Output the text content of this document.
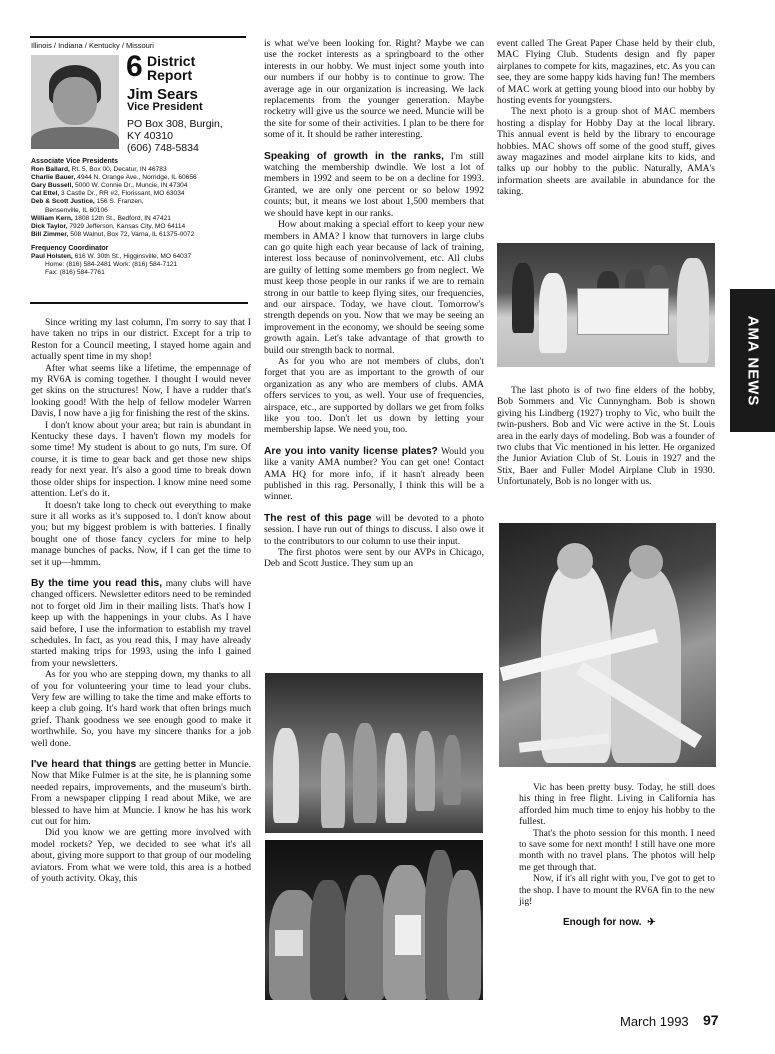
Illinois / Indiana / Kentucky / Missouri
6 District
Report
Jim Sears
Vice President
PO Box 308, Burgin,
KY 40310
(606) 748-5834
Associate Vice Presidents
Ron Ballard, Rt. 5, Box 00, Decatur, IN 46783
Charlie Bauer, 4944 N. Orange Ave., Norridge, IL 60656
Gary Bussell, 5000 W. Connie Dr., Muncie, IN 47304
Cal Ettel, 3 Castle Dr., RR #2, Florissant, MO 63034
Deb & Scott Justice, 156 S. Franzen,
Bensenville, IL 60106
William Kern, 1808 12th St., Bedford, IN 47421
Dick Taylor, 7929 Jefferson, Kansas City, MO 64114
Bill Zimmer, 508 Walnut, Box 72, Varna, IL 61375-0072
Frequency Coordinator
Paul Holsten, 616 W. 30th St., Higginsville, MO 64037
Home: (816) 584-2481 Work: (816) 584-7121
Fax: (816) 584-7761

Since writing my last column, I'm sorry to say that I have taken no trips in our district. Except for a trip to Reston for a Council meeting, I stayed home again and actually spent time in my shop!

After what seems like a lifetime, the empennage of my RV6A is coming together. I thought I would never get skins on the structures! Now, I have a rudder that's looking good! With the help of fellow modeler Warren Davis, I now have a jig for finishing the rest of the skins.

I don't know about your area; but rain is abundant in Kentucky these days. I haven't flown my models for some time! My student is about to go nuts, I'm sure. Of course, it is time to gear back and get those new ships ready for next year. It's also a good time to break down those older ships for inspection. I know mine need some attention. Let's do it.

It doesn't take long to check out everything to make sure it all works as it's supposed to. I don't know about you; but my biggest problem is with batteries. I finally bought one of those fancy cyclers for mine to help manage bunches of packs. Now, if I can get the time to set it up—hmmm.

By the time you read this, many clubs will have changed officers. Newsletter editors need to be reminded not to forget old Jim in their mailing lists. That's how I keep up with the happenings in your clubs. As I have said before, I use the information to establish my travel schedules. In fact, as you read this, I may have already started making trips for 1993, using the info I gained from your newsletters.

As for you who are stepping down, my thanks to all of you for volunteering your time to lead your clubs. Very few are willing to take the time and make efforts to keep a club going. It's hard work that often brings much grief. Thank goodness we see enough good to make it worthwhile. So, you have my sincere thanks for a job well done.

I've heard that things are getting better in Muncie. Now that Mike Fulmer is at the site, he is planning some needed repairs, improvements, and the museum's birth. From a newspaper clipping I read about Mike, we are blessed to have him at Muncie. I know he has his work cut out for him.

Did you know we are getting more involved with model rockets? Yep, we decided to see what it's all about, giving more support to that group of our modeling aviators. From what we were told, this area is a hotbed of youth activity. Okay, this

is what we've been looking for. Right? Maybe we can use the rocket interests as a springboard to the other interests in our hobby. We must inject some youth into our numbers if our hobby is to continue to grow. The average age in our organization is increasing. We lack replacements from the younger generation. Maybe rocketry will give us the source we need. Muncie will be the site for some of their activities. I plan to be there for some of it. It should be rather interesting.

Speaking of growth in the ranks, I'm still watching the membership dwindle. We lost a lot of members in 1992 and seem to be on a decline for 1993. Granted, we are only one percent or so below 1992 counts; but, it means we lost about 1,500 members that we should have kept in our ranks.

How about making a special effort to keep your new members in AMA? I know that turnovers in large clubs can go quite high each year because of lack of training, interest loss because of noninvolvement, etc. All clubs are guilty of letting some members go from neglect. We must keep those people in our ranks if we are to remain strong in our battle to keep flying sites, our frequencies, and our airspace. Today, we have clout. Tomorrow's strength depends on you. Now that we may be seeing an improvement in the economy, we should be seeing some growth again. Let's take advantage of that growth to build our strength back to normal.

As for you who are not members of clubs, don't forget that you are as important to the growth of our organization as any who are members of clubs. AMA offers services to you, as well. Your use of frequencies, airspace, etc., are supported by dollars we get from folks like you too. Don't let us down by letting your membership lapse. We need you, too.

Are you into vanity license plates? Would you like a vanity AMA number? You can get one! Contact AMA HQ for more info, if it hasn't already been published in this rag. Personally, I think this will be a winner.

The rest of this page will be devoted to a photo session. I have run out of things to discuss. I also owe it to the contributors to our column to use their input.

The first photos were sent by our AVPs in Chicago, Deb and Scott Justice. They sum up an

event called The Great Paper Chase held by their club, MAC Flying Club. Students design and fly paper airplanes to compete for kits, magazines, etc. As you can see, they are some happy kids having fun! The members of MAC work at getting young blood into our hobby by hosting events for youngsters.

The next photo is a group shot of MAC members hosting a display for Hobby Day at the local library. This annual event is held by the library to encourage hobbies. MAC shows off some of the good stuff, gives away magazines and model airplane kits to kids, and talks up our hobby to the public. Naturally, AMA's information sheets are available in abundance for the taking.

The last photo is of two fine elders of the hobby, Bob Sommers and Vic Cunnyngham. Bob is shown giving his Lindberg (1927) trophy to Vic, who built the twin-pushers. Bob and Vic were active in the St. Louis area in the early days of modeling. Bob was a founder of two clubs that Vic mentioned in his letter. He organized the Junior Aviation Club of St. Louis in 1927 and the Stix, Baer and Fuller Model Airplane Club in 1930. Unfortunately, Bob is no longer with us.

Vic has been pretty busy. Today, he still does his thing in free flight. Living in California has afforded him much time to enjoy his hobby to the fullest.

That's the photo session for this month. I need to save some for next month! I still have one more month with no travel plans. The photos will help me get through that.

Now, if it's all right with you, I've got to get to the shop. I have to mount the RV6A fin to the new jig!

Enough for now. ✈
AMA NEWS
March 1993 97
